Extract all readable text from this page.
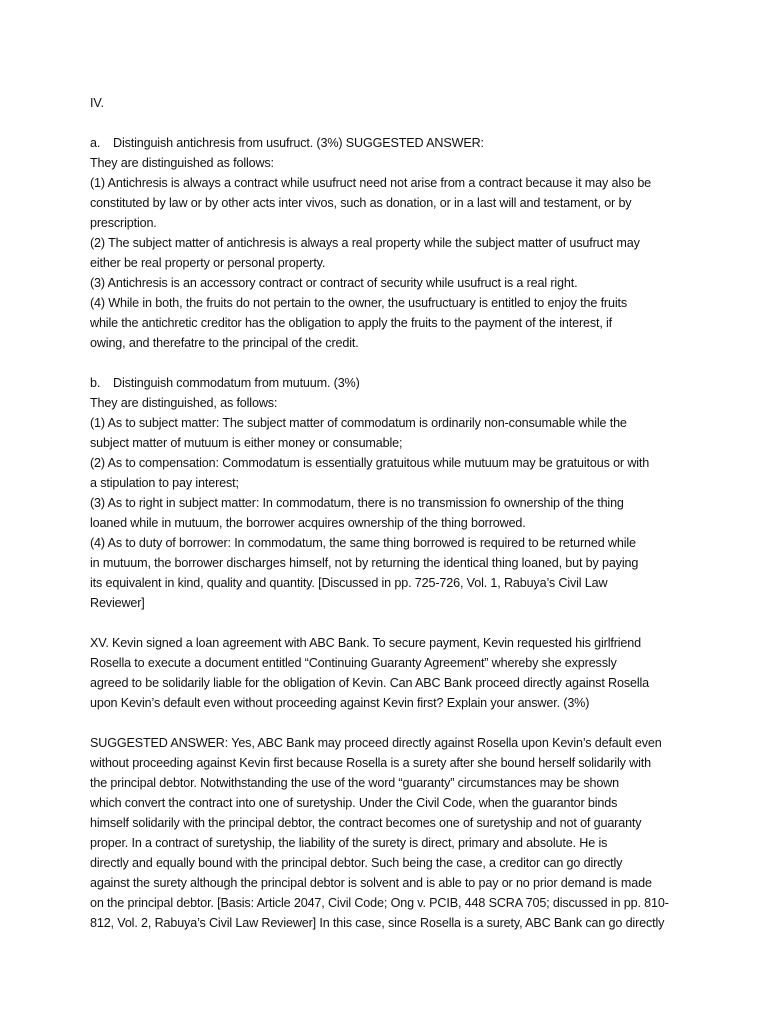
IV.

a. Distinguish antichresis from usufruct. (3%) SUGGESTED ANSWER:

They are distinguished as follows:

(1) Antichresis is always a contract while usufruct need not arise from a contract because it may also be
constituted by law or by other acts inter vivos, such as donation, or in a last will and testament, or by
prescription.

(2) The subject matter of antichresis is always a real property while the subject matter of usufruct may
either be real property or personal property.

(3) Antichresis is an accessory contract or contract of security while usufruct is a real right.

(4) While in both, the fruits do not pertain to the owner, the usufructuary is entitled to enjoy the fruits
while the antichretic creditor has the obligation to apply the fruits to the payment of the interest, if
owing, and therefatre to the principal of the credit.

b. Distinguish commodatum from mutuum. (3%)

They are distinguished, as follows:

(1) As to subject matter: The subject matter of commodatum is ordinarily non-consumable while the
subject matter of mutuum is either money or consumable;

(2) As to compensation: Commodatum is essentially gratuitous while mutuum may be gratuitous or with
a stipulation to pay interest;

(3) As to right in subject matter: In commodatum, there is no transmission fo ownership of the thing
loaned while in mutuum, the borrower acquires ownership of the thing borrowed.

(4) As to duty of borrower: In commodatum, the same thing borrowed is required to be returned while
in mutuum, the borrower discharges himself, not by returning the identical thing loaned, but by paying
its equivalent in kind, quality and quantity. [Discussed in pp. 725-726, Vol. 1, Rabuya’s Civil Law
Reviewer]

XV. Kevin signed a loan agreement with ABC Bank. To secure payment, Kevin requested his girlfriend
Rosella to execute a document entitled “Continuing Guaranty Agreement” whereby she expressly
agreed to be solidarily liable for the obligation of Kevin. Can ABC Bank proceed directly against Rosella
upon Kevin’s default even without proceeding against Kevin first? Explain your answer. (3%)

SUGGESTED ANSWER: Yes, ABC Bank may proceed directly against Rosella upon Kevin’s default even
without proceeding against Kevin first because Rosella is a surety after she bound herself solidarily with
the principal debtor. Notwithstanding the use of the word “guaranty” circumstances may be shown
which convert the contract into one of suretyship. Under the Civil Code, when the guarantor binds
himself solidarily with the principal debtor, the contract becomes one of suretyship and not of guaranty
proper. In a contract of suretyship, the liability of the surety is direct, primary and absolute. He is
directly and equally bound with the principal debtor. Such being the case, a creditor can go directly
against the surety although the principal debtor is solvent and is able to pay or no prior demand is made
on the principal debtor. [Basis: Article 2047, Civil Code; Ong v. PCIB, 448 SCRA 705; discussed in pp. 810-
812, Vol. 2, Rabuya’s Civil Law Reviewer] In this case, since Rosella is a surety, ABC Bank can go directly
